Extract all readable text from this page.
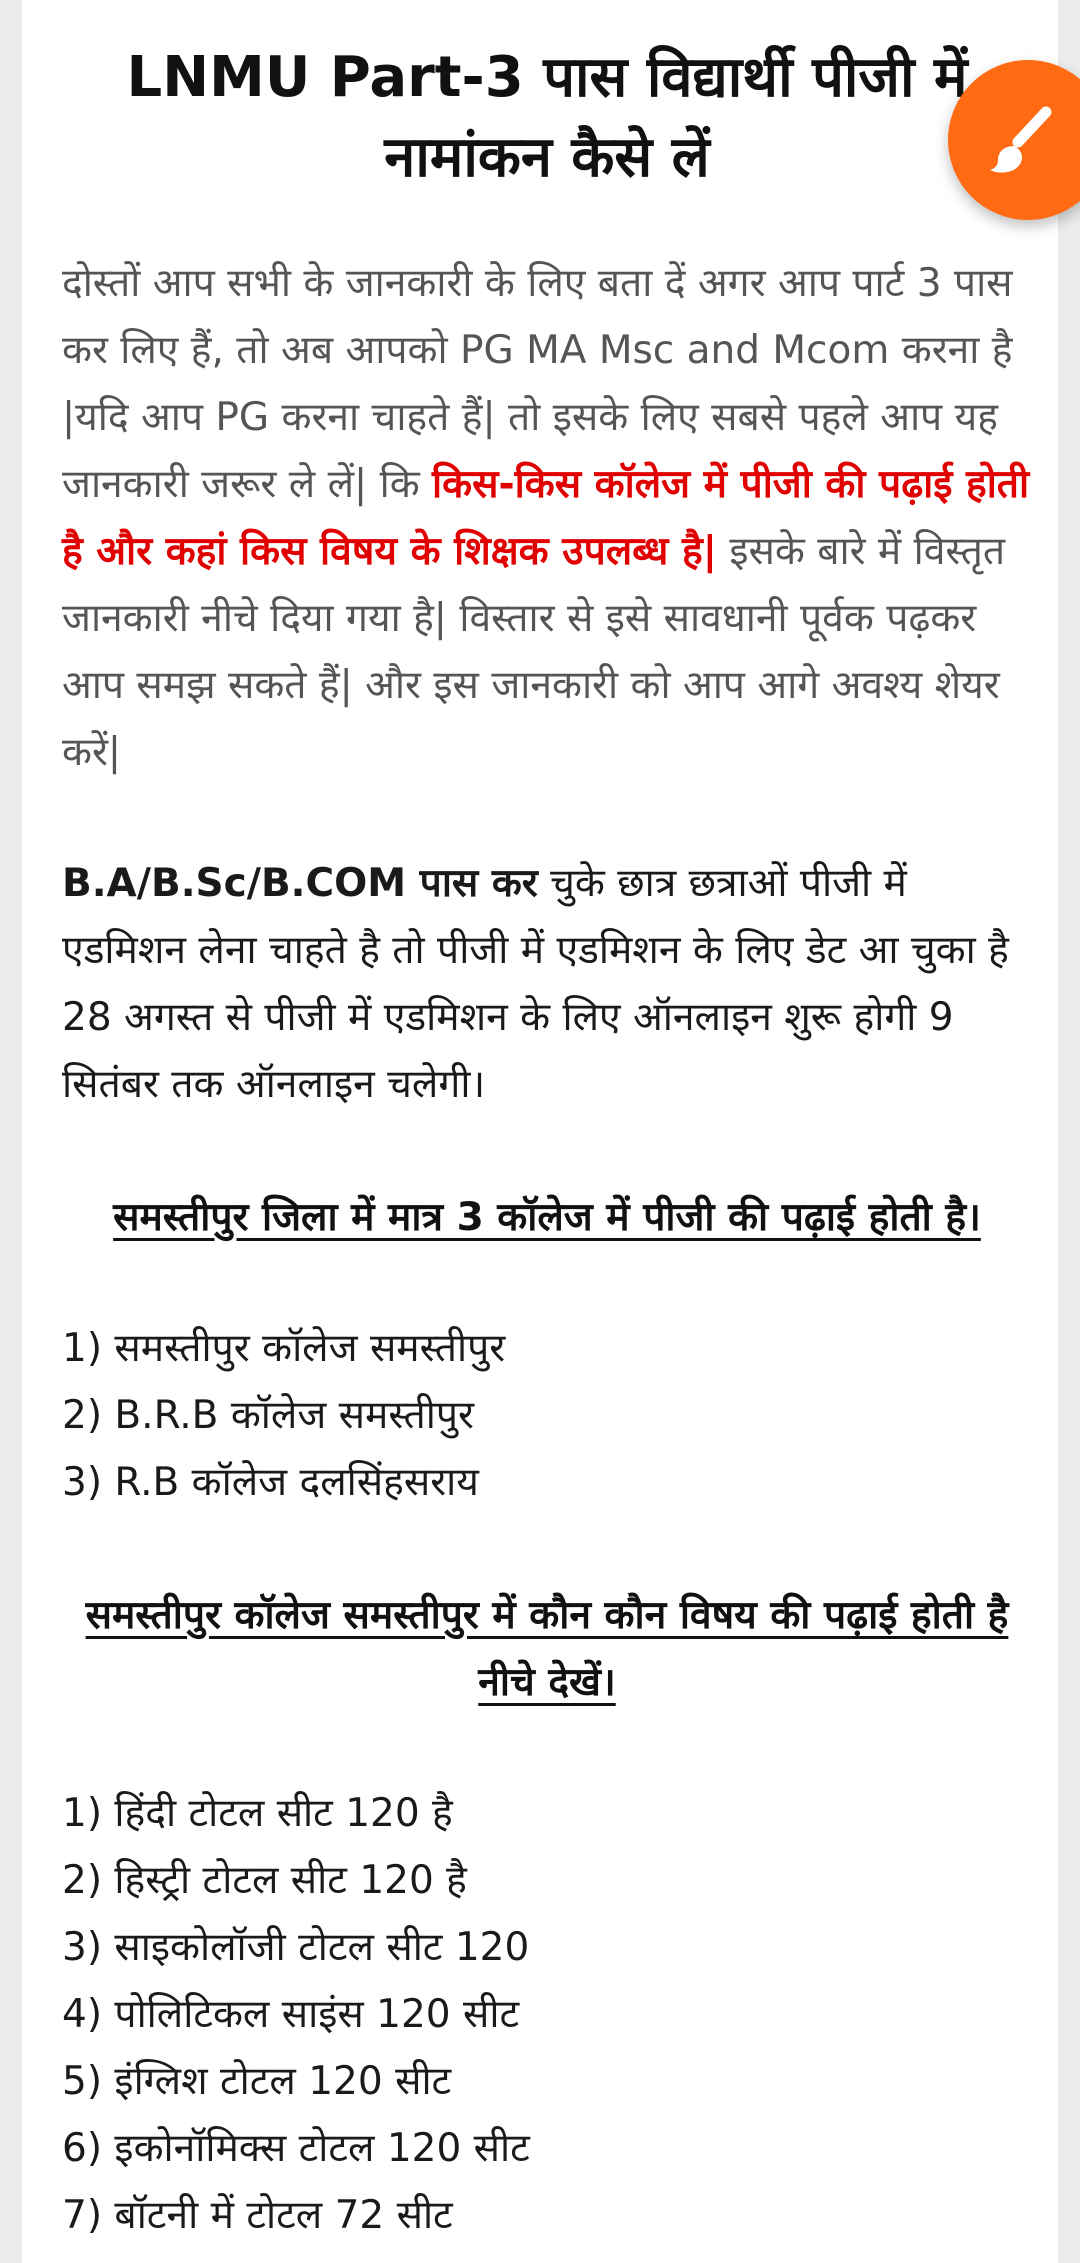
LNMU Part-3 पास विद्यार्थी पीजी में नामांकन कैसे लें

दोस्तों आप सभी के जानकारी के लिए बता दें अगर आप पार्ट 3 पास कर लिए हैं, तो अब आपको PG MA Msc and Mcom करना है |यदि आप PG करना चाहते हैं| तो इसके लिए सबसे पहले आप यह जानकारी जरूर ले लें| कि किस-किस कॉलेज में पीजी की पढ़ाई होती है और कहां किस विषय के शिक्षक उपलब्ध है| इसके बारे में विस्तृत जानकारी नीचे दिया गया है| विस्तार से इसे सावधानी पूर्वक पढ़कर आप समझ सकते हैं| और इस जानकारी को आप आगे अवश्य शेयर करें|

B.A/B.Sc/B.COM पास कर चुके छात्र छत्राओं पीजी में एडमिशन लेना चाहते है तो पीजी में एडमिशन के लिए डेट आ चुका है 28 अगस्त से पीजी में एडमिशन के लिए ऑनलाइन शुरू होगी 9 सितंबर तक ऑनलाइन चलेगी।

समस्तीपुर जिला में मात्र 3 कॉलेज में पीजी की पढ़ाई होती है।
1) समस्तीपुर कॉलेज समस्तीपुर
2) B.R.B कॉलेज समस्तीपुर
3) R.B कॉलेज दलसिंहसराय
समस्तीपुर कॉलेज समस्तीपुर में कौन कौन विषय की पढ़ाई होती है नीचे देखें।
1) हिंदी टोटल सीट 120 है
2) हिस्ट्री टोटल सीट 120 है
3) साइकोलॉजी टोटल सीट 120
4) पोलिटिकल साइंस 120 सीट
5) इंग्लिश टोटल 120 सीट
6) इकोनॉमिक्स टोटल 120 सीट
7) बॉटनी में टोटल 72 सीट
